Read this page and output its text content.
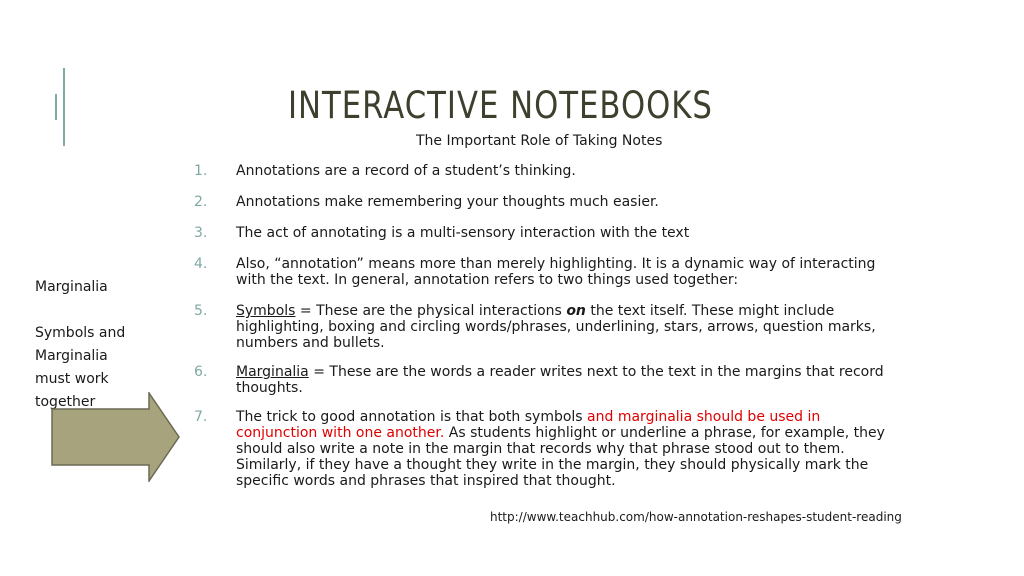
INTERACTIVE NOTEBOOKS
The Important Role of Taking Notes
1. Annotations are a record of a student’s thinking.
2. Annotations make remembering your thoughts much easier.
3. The act of annotating is a multi-sensory interaction with the text
4. Also, “annotation” means more than merely highlighting. It is a dynamic way of interacting with the text. In general, annotation refers to two things used together:
5. Symbols = These are the physical interactions on the text itself. These might include highlighting, boxing and circling words/phrases, underlining, stars, arrows, question marks, numbers and bullets.
6. Marginalia = These are the words a reader writes next to the text in the margins that record thoughts.
7. The trick to good annotation is that both symbols and marginalia should be used in conjunction with one another. As students highlight or underline a phrase, for example, they should also write a note in the margin that records why that phrase stood out to them. Similarly, if they have a thought they write in the margin, they should physically mark the specific words and phrases that inspired that thought.
Marginalia
Symbols and Marginalia must work together
http://www.teachhub.com/how-annotation-reshapes-student-reading
